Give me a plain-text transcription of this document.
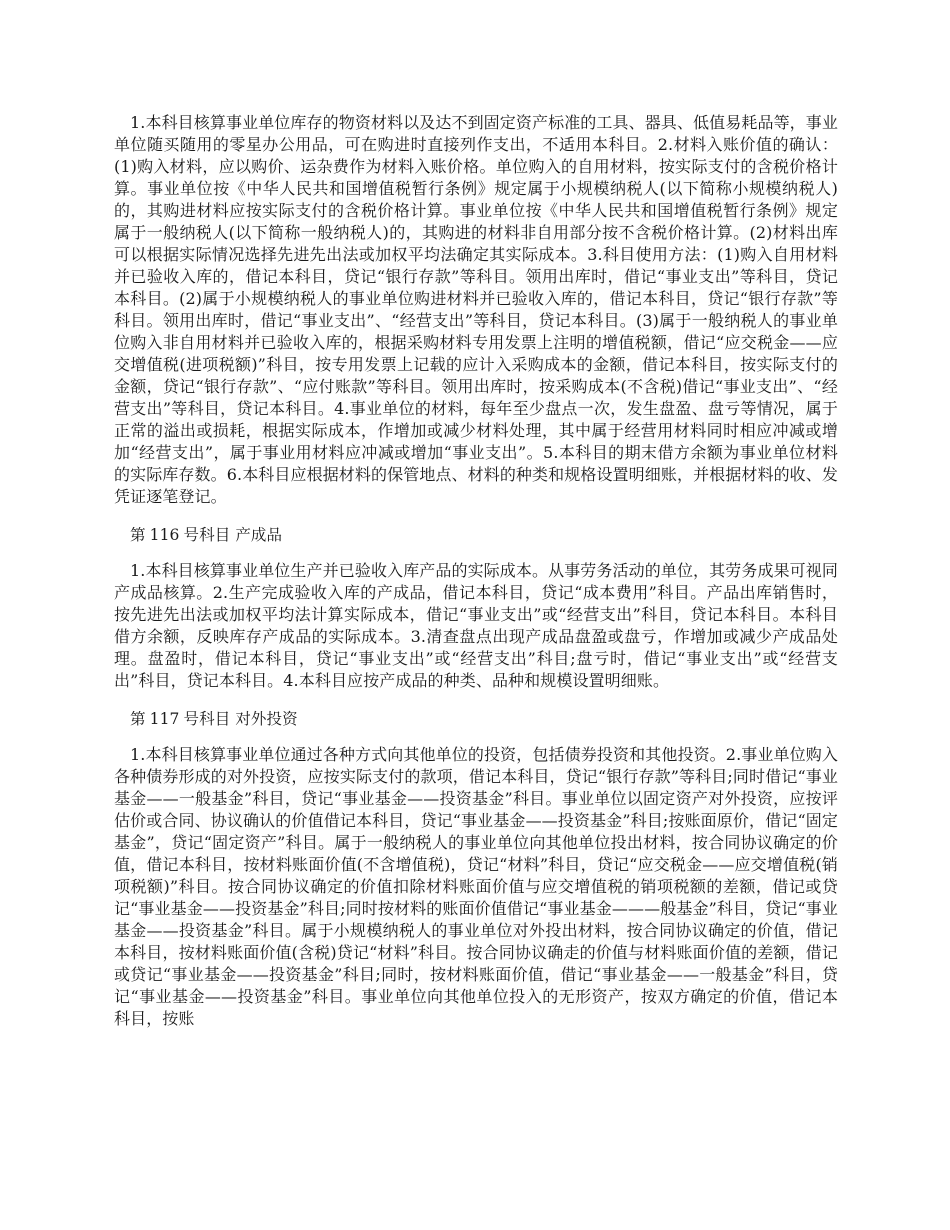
1.本科目核算事业单位库存的物资材料以及达不到固定资产标准的工具、器具、低值易耗品等，事业单位随买随用的零星办公用品，可在购进时直接列作支出，不适用本科目。2.材料入账价值的确认：(1)购入材料，应以购价、运杂费作为材料入账价格。单位购入的自用材料，按实际支付的含税价格计算。事业单位按《中华人民共和国增值税暂行条例》规定属于小规模纳税人(以下简称小规模纳税人)的，其购进材料应按实际支付的含税价格计算。事业单位按《中华人民共和国增值税暂行条例》规定属于一般纳税人(以下简称一般纳税人)的，其购进的材料非自用部分按不含税价格计算。(2)材料出库可以根据实际情况选择先进先出法或加权平均法确定其实际成本。3.科目使用方法：(1)购入自用材料并已验收入库的，借记本科目，贷记“银行存款”等科目。领用出库时，借记“事业支出”等科目，贷记本科目。(2)属于小规模纳税人的事业单位购进材料并已验收入库的，借记本科目，贷记“银行存款”等科目。领用出库时，借记“事业支出”、“经营支出”等科目，贷记本科目。(3)属于一般纳税人的事业单位购入非自用材料并已验收入库的，根据采购材料专用发票上注明的增值税额，借记“应交税金——应交增值税(进项税额)”科目，按专用发票上记载的应计入采购成本的金额，借记本科目，按实际支付的金额，贷记“银行存款”、“应付账款”等科目。领用出库时，按采购成本(不含税)借记“事业支出”、“经营支出”等科目，贷记本科目。4.事业单位的材料，每年至少盘点一次，发生盘盈、盘亏等情况，属于正常的溢出或损耗，根据实际成本，作增加或减少材料处理，其中属于经营用材料同时相应冲减或增加“经营支出”，属于事业用材料应冲减或增加“事业支出”。5.本科目的期末借方余额为事业单位材料的实际库存数。6.本科目应根据材料的保管地点、材料的种类和规格设置明细账，并根据材料的收、发凭证逐笔登记。

第 116 号科目 产成品

1.本科目核算事业单位生产并已验收入库产品的实际成本。从事劳务活动的单位，其劳务成果可视同产成品核算。2.生产完成验收入库的产成品，借记本科目，贷记“成本费用”科目。产品出库销售时，按先进先出法或加权平均法计算实际成本，借记“事业支出”或“经营支出”科目，贷记本科目。本科目借方余额，反映库存产成品的实际成本。3.清查盘点出现产成品盘盈或盘亏，作增加或减少产成品处理。盘盈时，借记本科目，贷记“事业支出”或“经营支出”科目;盘亏时，借记“事业支出”或“经营支出”科目，贷记本科目。4.本科目应按产成品的种类、品种和规模设置明细账。

第 117 号科目 对外投资

1.本科目核算事业单位通过各种方式向其他单位的投资，包括债券投资和其他投资。2.事业单位购入各种债券形成的对外投资，应按实际支付的款项，借记本科目，贷记“银行存款”等科目;同时借记“事业基金——一般基金”科目，贷记“事业基金——投资基金”科目。事业单位以固定资产对外投资，应按评估价或合同、协议确认的价值借记本科目，贷记“事业基金——投资基金”科目;按账面原价，借记“固定基金”，贷记“固定资产”科目。属于一般纳税人的事业单位向其他单位投出材料，按合同协议确定的价值，借记本科目，按材料账面价值(不含增值税)，贷记“材料”科目，贷记“应交税金——应交增值税(销项税额)”科目。按合同协议确定的价值扣除材料账面价值与应交增值税的销项税额的差额，借记或贷记“事业基金——投资基金”科目;同时按材料的账面价值借记“事业基金———般基金”科目，贷记“事业基金——投资基金”科目。属于小规模纳税人的事业单位对外投出材料，按合同协议确定的价值，借记本科目，按材料账面价值(含税)贷记“材料”科目。按合同协议确走的价值与材料账面价值的差额，借记或贷记“事业基金——投资基金”科目;同时，按材料账面价值，借记“事业基金——一般基金”科目，贷记“事业基金——投资基金”科目。事业单位向其他单位投入的无形资产，按双方确定的价值，借记本科目，按账
